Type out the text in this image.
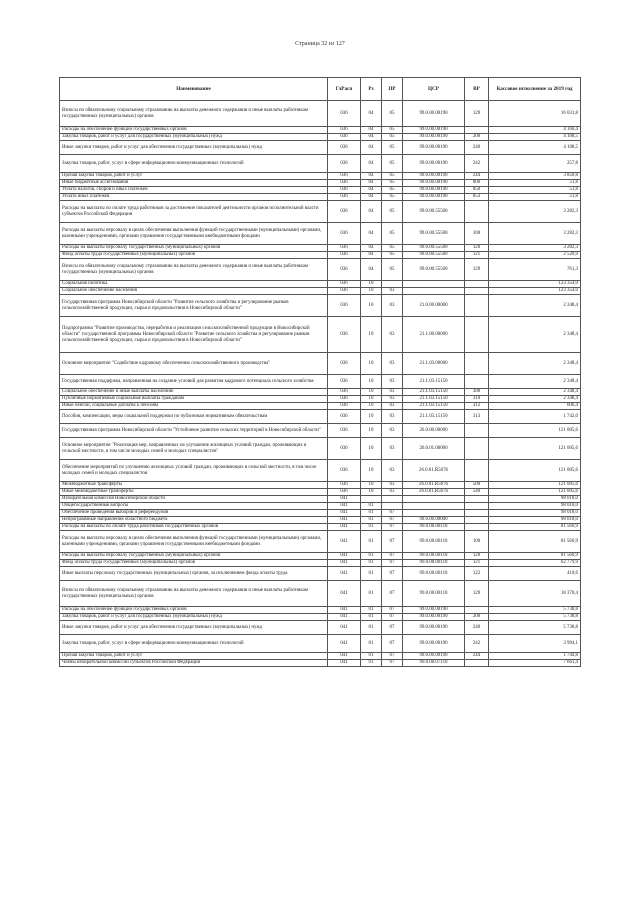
Страница 32 из 127
Наименование	ГлРасп	Рз	ПР	ЦСР	ВР	Кассовое исполнение за 2019 год
Взносы по обязательному социальному страхованию на выплаты денежного содержания и иные выплаты работникам государственных (муниципальных) органов	036	04	05	99.0.00.00190	129	16 031,8
Расходы на обеспечение функций государственных органов	036	04	05	99.0.00.00190		4 160,4
Закупка товаров, работ и услуг для государственных (муниципальных) нужд	036	04	05	99.0.00.00190	200	4 108,5
Иные закупки товаров, работ и услуг для обеспечения государственных (муниципальных) нужд	036	04	05	99.0.00.00190	240	4 108,5
Закупка товаров, работ, услуг в сфере информационно-коммуникационных технологий	036	04	05	99.0.00.00190	242	257,8
Прочая закупка товаров, работ и услуг	036	04	05	99.0.00.00190	244	3 850,8
Иные бюджетные ассигнования	036	04	05	99.0.00.00190	800	51,8
Уплата налогов, сборов и иных платежей	036	04	05	99.0.00.00190	850	51,8
Уплата иных платежей	036	04	05	99.0.00.00190	853	51,8
Расходы на выплаты по оплате труда работников за достижение показателей деятельности органов исполнительной власти субъектов Российской Федерации	036	04	05	99.0.00.55500		3 282,3
Расходы на выплаты персоналу в целях обеспечения выполнения функций государственными (муниципальными) органами, казенными учреждениями, органами управления государственными внебюджетными фондами	036	04	05	99.0.00.55500	100	3 282,3
Расходы на выплаты персоналу государственных (муниципальных) органов	036	04	05	99.0.00.55500	120	3 282,3
Фонд оплаты труда государственных (муниципальных) органов	036	04	05	99.0.00.55500	121	2 520,9
Взносы по обязательному социальному страхованию на выплаты денежного содержания и иные выплаты работникам государственных (муниципальных) органов	036	04	05	99.0.00.55500	129	761,3
Социальная политика	036	10				123 354,0
Социальное обеспечение населения	036	10	03			123 354,0
Государственная программа Новосибирской области "Развитие сельского хозяйства и регулирование рынков сельскохозяйственной продукции, сырья и продовольствия в Новосибирской области"	036	10	03	21.0.00.00000		2 348,4
Подпрограмма "Развитие производства, переработки и реализации сельскохозяйственной продукции в Новосибирской области" государственной программы Новосибирской области "Развитие сельского хозяйства и регулирование рынков сельскохозяйственной продукции, сырья и продовольствия в Новосибирской области"	036	10	03	21.1.00.00000		2 348,4
Основное мероприятие "Содействие кадровому обеспечению сельскохозяйственного производства"	036	10	03	21.1.03.00000		2 348,4
Государственная поддержка, направленная на создание условий для развития кадрового потенциала сельского хозяйства	036	10	03	21.1.03.15150		2 348,4
Социальное обеспечение и иные выплаты населению	036	10	03	21.1.03.15150	300	2 348,4
Публичные нормативные социальные выплаты гражданам	036	10	03	21.1.03.15150	310	2 348,4
Иные пенсии, социальные доплаты к пенсиям	036	10	03	21.1.03.15150	312	606,4
Пособия, компенсации, меры социальной поддержки по публичным нормативным обязательствам	036	10	03	21.1.03.15150	313	1 742,0
Государственная программа Новосибирской области "Устойчивое развитие сельских территорий в Новосибирской области"	036	10	03	26.0.00.00000		121 005,6
Основное мероприятие "Реализация мер, направленных на улучшение жилищных условий граждан, проживающих в сельской местности, в том числе молодых семей и молодых специалистов"	036	10	03	26.0.01.00000		121 005,6
Обеспечение мероприятий по улучшению жилищных условий граждан, проживающих в сельской местности, в том числе молодых семей и молодых специалистов	036	10	03	26.0.01.R5676		121 005,6
Межбюджетные трансферты	036	10	03	26.0.01.R5676	500	121 005,6
Иные межбюджетные трансферты	036	10	03	26.0.01.R5676	540	121 005,6
Избирательная комиссия Новосибирской области	041					98 018,0
Общегосударственные вопросы	041	01				98 018,0
Обеспечение проведения выборов и референдумов	041	01	07			98 018,0
Непрограммные направления областного бюджета	041	01	07	99.0.00.00000		98 018,0
Расходы на выплаты по оплате труда работников государственных органов	041	01	07	99.0.00.00110		81 560,9
Расходы на выплаты персоналу в целях обеспечения выполнения функций государственными (муниципальными) органами, казенными учреждениями, органами управления государственными внебюджетными фондами	041	01	07	99.0.00.00110	100	81 560,9
Расходы на выплаты персоналу государственных (муниципальных) органов	041	01	07	99.0.00.00110	120	81 560,9
Фонд оплаты труда государственных (муниципальных) органов	041	01	07	99.0.00.00110	121	62 779,9
Иные выплаты персоналу государственных (муниципальных) органов, за исключением фонда оплаты труда	041	01	07	99.0.00.00110	122	410,6
Взносы по обязательному социальному страхованию на выплаты денежного содержания и иные выплаты работникам государственных (муниципальных) органов	041	01	07	99.0.00.00110	129	18 370,4
Расходы на обеспечение функций государственных органов	041	01	07	99.0.00.00190		5 738,8
Закупка товаров, работ и услуг для государственных (муниципальных) нужд	041	01	07	99.0.00.00190	200	5 738,8
Иные закупки товаров, работ и услуг для обеспечения государственных (муниципальных) нужд	041	01	07	99.0.00.00190	240	5 738,8
Закупка товаров, работ, услуг в сфере информационно-коммуникационных технологий	041	01	07	99.0.00.00190	242	3 994,1
Прочая закупка товаров, работ и услуг	041	01	07	99.0.00.00190	244	1 744,8
Члены избирательной комиссии субъектов Российской Федерации	041	01	07	99.0.00.07110		7 661,4
